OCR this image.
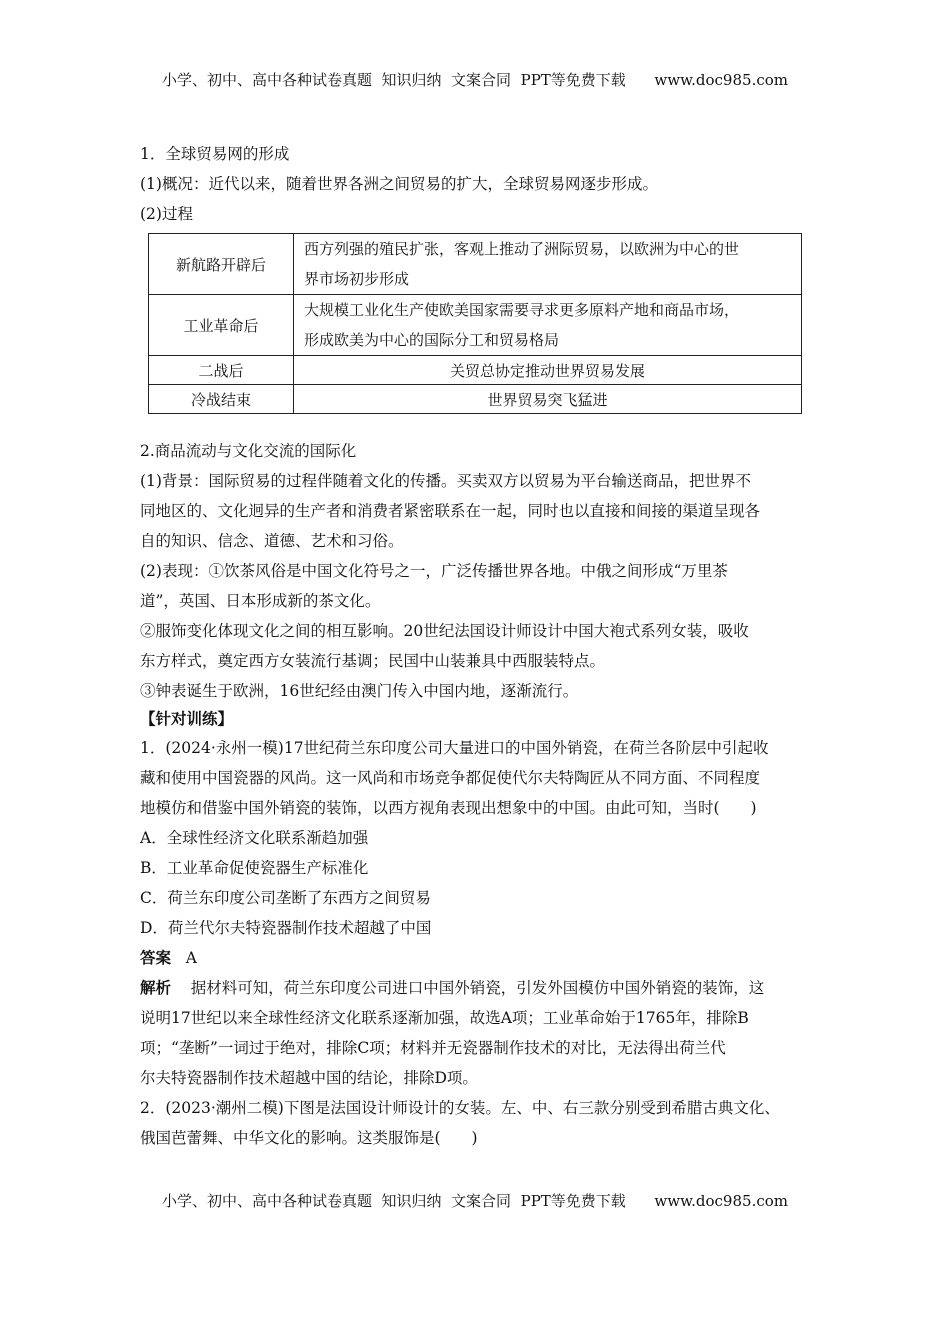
小学、初中、高中各种试卷真题  知识归纳  文案合同  PPT等免费下载      www.doc985.com
1．全球贸易网的形成
(1)概况：近代以来，随着世界各洲之间贸易的扩大，全球贸易网逐步形成。
(2)过程
新航路开辟后	西方列强的殖民扩张，客观上推动了洲际贸易，以欧洲为中心的世
界市场初步形成

工业革命后	大规模工业化生产使欧美国家需要寻求更多原料产地和商品市场，
形成欧美为中心的国际分工和贸易格局

二战后	关贸总协定推动世界贸易发展
冷战结束	世界贸易突飞猛进
2.商品流动与文化交流的国际化
(1)背景：国际贸易的过程伴随着文化的传播。买卖双方以贸易为平台输送商品，把世界不
同地区的、文化迥异的生产者和消费者紧密联系在一起，同时也以直接和间接的渠道呈现各
自的知识、信念、道德、艺术和习俗。
(2)表现：①饮茶风俗是中国文化符号之一，广泛传播世界各地。中俄之间形成“万里茶
道”，英国、日本形成新的茶文化。
②服饰变化体现文化之间的相互影响。20世纪法国设计师设计中国大袍式系列女装，吸收
东方样式，奠定西方女装流行基调；民国中山装兼具中西服装特点。
③钟表诞生于欧洲，16世纪经由澳门传入中国内地，逐渐流行。
【针对训练】
1．(2024·永州一模)17世纪荷兰东印度公司大量进口的中国外销瓷，在荷兰各阶层中引起收
藏和使用中国瓷器的风尚。这一风尚和市场竞争都促使代尔夫特陶匠从不同方面、不同程度
地模仿和借鉴中国外销瓷的装饰，以西方视角表现出想象中的中国。由此可知，当时(　　)
A．全球性经济文化联系渐趋加强
B．工业革命促使瓷器生产标准化
C．荷兰东印度公司垄断了东西方之间贸易
D．荷兰代尔夫特瓷器制作技术超越了中国
答案 A
解析 据材料可知，荷兰东印度公司进口中国外销瓷，引发外国模仿中国外销瓷的装饰，这
说明17世纪以来全球性经济文化联系逐渐加强，故选A项；工业革命始于1765年，排除B
项；“垄断”一词过于绝对，排除C项；材料并无瓷器制作技术的对比，无法得出荷兰代
尔夫特瓷器制作技术超越中国的结论，排除D项。
2．(2023·潮州二模)下图是法国设计师设计的女装。左、中、右三款分别受到希腊古典文化、
俄国芭蕾舞、中华文化的影响。这类服饰是(　　)
小学、初中、高中各种试卷真题  知识归纳  文案合同  PPT等免费下载      www.doc985.com
